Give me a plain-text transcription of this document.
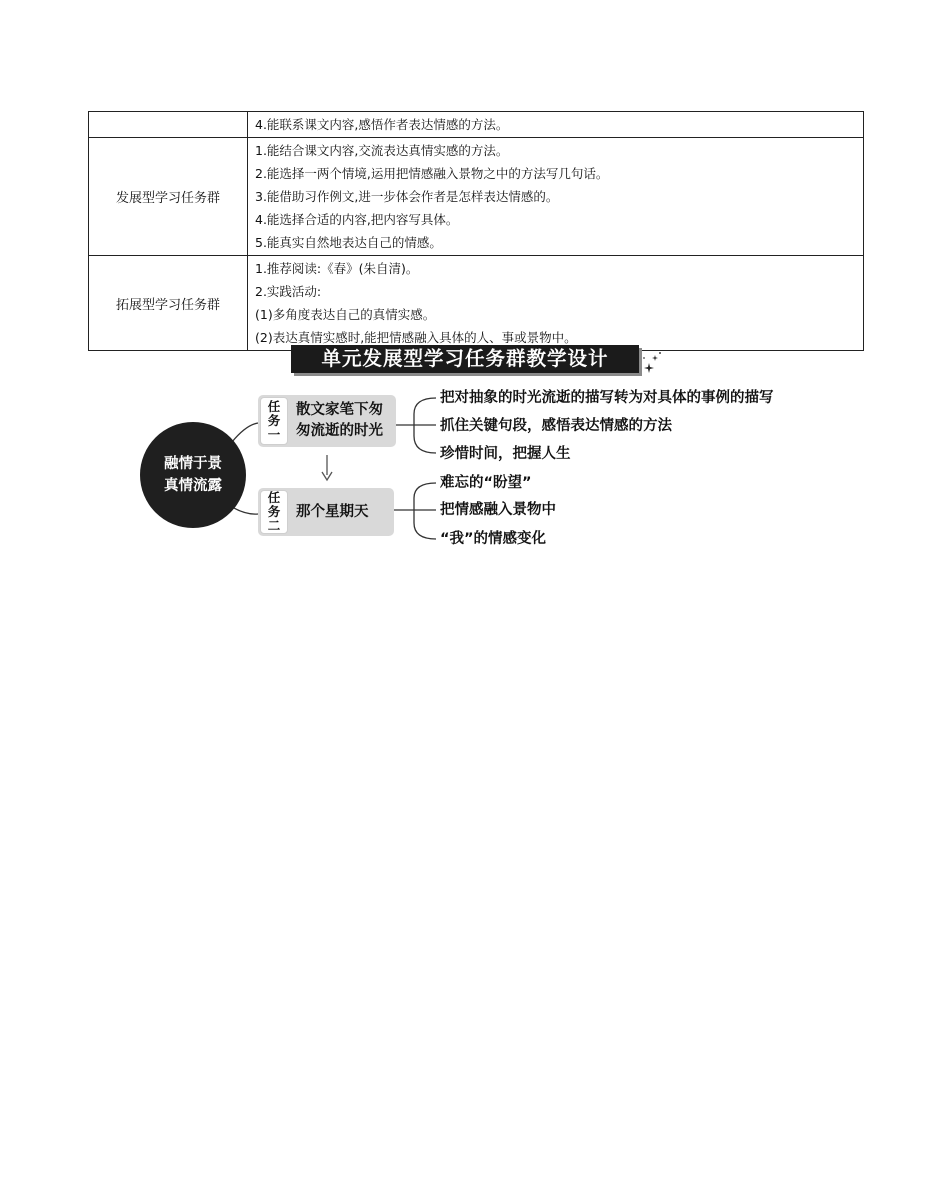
	4.能联系课文内容,感悟作者表达情感的方法。

发展型学习任务群	1.能结合课文内容,交流表达真情实感的方法。
2.能选择一两个情境,运用把情感融入景物之中的方法写几句话。
3.能借助习作例文,进一步体会作者是怎样表达情感的。
4.能选择合适的内容,把内容写具体。
5.能真实自然地表达自己的情感。

拓展型学习任务群	1.推荐阅读:《春》(朱自清)。
2.实践活动:
(1)多角度表达自己的真情实感。
(2)表达真情实感时,能把情感融入具体的人、事或景物中。
单元发展型学习任务群教学设计
融情于景
真情流露
任
务
一
散文家笔下匆
匆流逝的时光
任
务
二
那个星期天
把对抽象的时光流逝的描写转为对具体的事例的描写
抓住关键句段，感悟表达情感的方法
珍惜时间，把握人生
难忘的“盼望”
把情感融入景物中
“我”的情感变化
